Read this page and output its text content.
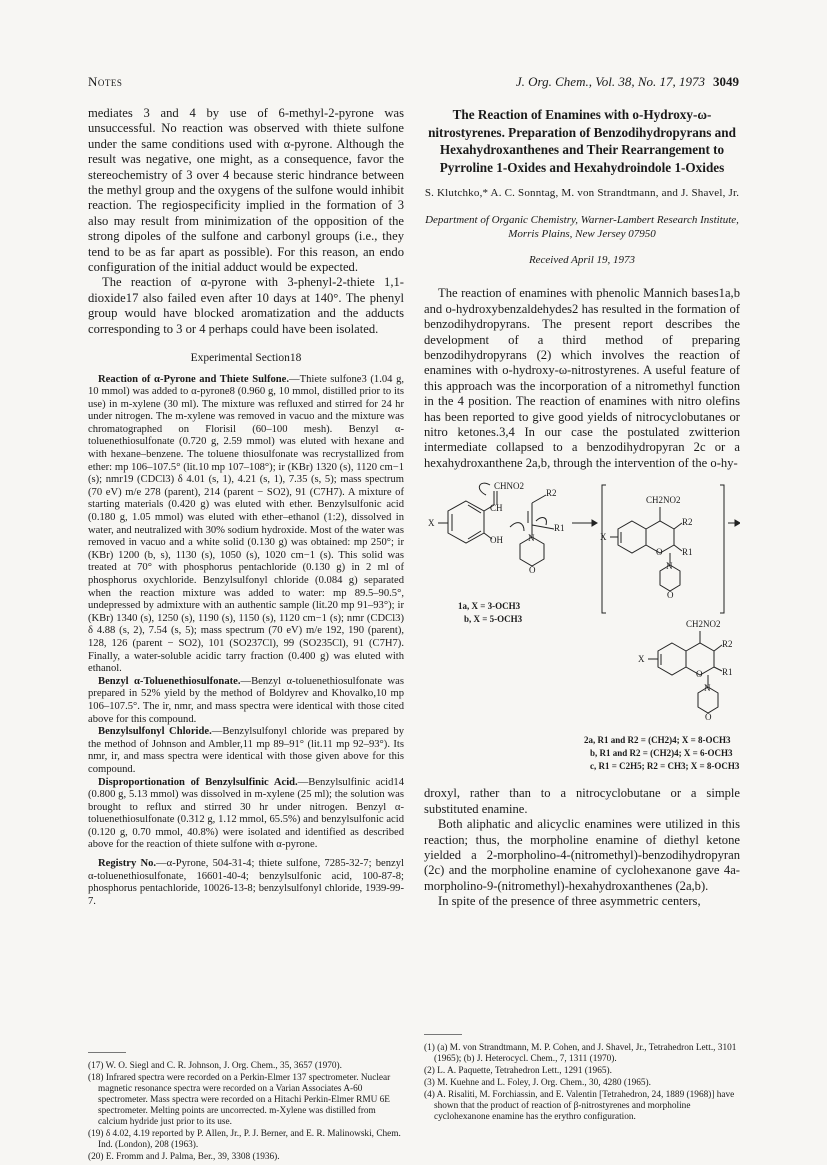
Notes	J. Org. Chem., Vol. 38, No. 17, 1973 3049

mediates 3 and 4 by use of 6-methyl-2-pyrone was unsuccessful. No reaction was observed with thiete sulfone under the same conditions used with α-pyrone. Although the result was negative, one might, as a consequence, favor the stereochemistry of 3 over 4 because steric hindrance between the methyl group and the oxygens of the sulfone would inhibit reaction. The regiospecificity implied in the formation of 3 also may result from minimization of the opposition of the strong dipoles of the sulfone and carbonyl groups (i.e., they tend to be as far apart as possible). For this reason, an endo configuration of the initial adduct would be expected.

The reaction of α-pyrone with 3-phenyl-2-thiete 1,1-dioxide17 also failed even after 10 days at 140°. The phenyl group would have blocked aromatization and the adducts corresponding to 3 or 4 perhaps could have been isolated.

Experimental Section18

Reaction of α-Pyrone and Thiete Sulfone.—Thiete sulfone3 (1.04 g, 10 mmol) was added to α-pyrone8 (0.960 g, 10 mmol, distilled prior to its use) in m-xylene (30 ml). The mixture was refluxed and stirred for 24 hr under nitrogen. The m-xylene was removed in vacuo and the mixture was chromatographed on Florisil (60–100 mesh). Benzyl α-toluenethiosulfonate (0.720 g, 2.59 mmol) was eluted with hexane and with hexane–benzene. The toluene thiosulfonate was recrystallized from ether: mp 106–107.5° (lit.10 mp 107–108°); ir (KBr) 1320 (s), 1120 cm−1 (s); nmr19 (CDCl3) δ 4.01 (s, 1), 4.21 (s, 1), 7.35 (s, 5); mass spectrum (70 eV) m/e 278 (parent), 214 (parent − SO2), 91 (C7H7). A mixture of starting materials (0.420 g) was eluted with ether. Benzylsulfonic acid (0.180 g, 1.05 mmol) was eluted with ether–ethanol (1:2), dissolved in water, and neutralized with 30% sodium hydroxide. Most of the water was removed in vacuo and a white solid (0.130 g) was obtained: mp 250°; ir (KBr) 1200 (b, s), 1130 (s), 1050 (s), 1020 cm−1 (s). This solid was treated at 70° with phosphorus pentachloride (0.130 g) in 2 ml of phosphorus oxychloride. Benzylsulfonyl chloride (0.084 g) separated when the reaction mixture was added to water: mp 89.5–90.5°, undepressed by admixture with an authentic sample (lit.20 mp 91–93°); ir (KBr) 1340 (s), 1250 (s), 1190 (s), 1150 (s), 1120 cm−1 (s); nmr (CDCl3) δ 4.88 (s, 2), 7.54 (s, 5); mass spectrum (70 eV) m/e 192, 190 (parent), 128, 126 (parent − SO2), 101 (SO237Cl), 99 (SO235Cl), 91 (C7H7). Finally, a water-soluble acidic tarry fraction (0.400 g) was eluted with ethanol.

Benzyl α-Toluenethiosulfonate.—Benzyl α-toluenethiosulfonate was prepared in 52% yield by the method of Boldyrev and Khovalko,10 mp 106–107.5°. The ir, nmr, and mass spectra were identical with those cited above for this compound.

Benzylsulfonyl Chloride.—Benzylsulfonyl chloride was prepared by the method of Johnson and Ambler,11 mp 89–91° (lit.11 mp 92–93°). Its nmr, ir, and mass spectra were identical with those given above for this compound.

Disproportionation of Benzylsulfinic Acid.—Benzylsulfinic acid14 (0.800 g, 5.13 mmol) was dissolved in m-xylene (25 ml); the solution was brought to reflux and stirred 30 hr under nitrogen. Benzyl α-toluenethiosulfonate (0.312 g, 1.12 mmol, 65.5%) and benzylsulfonic acid (0.120 g, 0.70 mmol, 40.8%) were isolated and identified as described above for the reaction of thiete sulfone with α-pyrone.

Registry No.—α-Pyrone, 504-31-4; thiete sulfone, 7285-32-7; benzyl α-toluenethiosulfonate, 16601-40-4; benzylsulfonic acid, 100-87-8; phosphorus pentachloride, 10026-13-8; benzylsulfonyl chloride, 1939-99-7.

(17) W. O. Siegl and C. R. Johnson, J. Org. Chem., 35, 3657 (1970).

(18) Infrared spectra were recorded on a Perkin-Elmer 137 spectrometer. Nuclear magnetic resonance spectra were recorded on a Varian Associates A-60 spectrometer. Mass spectra were recorded on a Hitachi Perkin-Elmer RMU 6E spectrometer. Melting points are uncorrected. m-Xylene was distilled from calcium hydride just prior to its use.

(19) δ 4.02, 4.19 reported by P. Allen, Jr., P. J. Berner, and E. R. Malinowski, Chem. Ind. (London), 208 (1963).

(20) E. Fromm and J. Palma, Ber., 39, 3308 (1936).

The Reaction of Enamines with o-Hydroxy-ω-nitrostyrenes. Preparation of Benzodihydropyrans and Hexahydroxanthenes and Their Rearrangement to Pyrroline 1-Oxides and Hexahydroindole 1-Oxides
S. Klutchko,* A. C. Sonntag, M. von Strandtmann, and J. Shavel, Jr.
Department of Organic Chemistry, Warner-Lambert Research Institute, Morris Plains, New Jersey 07950
Received April 19, 1973

The reaction of enamines with phenolic Mannich bases1a,b and o-hydroxybenzaldehydes2 has resulted in the formation of benzodihydropyrans. The present report describes the development of a third method of preparing benzodihydropyrans (2) which involves the reaction of enamines with o-hydroxy-ω-nitrostyrenes. A useful feature of this approach was the incorporation of a nitromethyl function in the 4 position. The reaction of enamines with nitro olefins has been reported to give good yields of nitrocyclobutanes or nitro ketones.3,4 In our case the postulated zwitterion intermediate collapsed to a benzodihydropyran 2c or a hexahydroxanthene 2a,b, through the intervention of the o-hy-

CHNO2
CH
X
OH
R2
R1
N
O
CH2NO2
X
R2
R1
O
N
O
1a, X = 3-OCH3
b, X = 5-OCH3	CH2NO2
X
R2
R1
O
N
O
2a, R1 and R2 = (CH2)4; X = 8-OCH3
b, R1 and R2 = (CH2)4; X = 6-OCH3
c, R1 = C2H5; R2 = CH3; X = 8-OCH3

droxyl, rather than to a nitrocyclobutane or a simple substituted enamine.

Both aliphatic and alicyclic enamines were utilized in this reaction; thus, the morpholine enamine of diethyl ketone yielded a 2-morpholino-4-(nitromethyl)-benzodihydropyran (2c) and the morpholine enamine of cyclohexanone gave 4a-morpholino-9-(nitromethyl)-hexahydroxanthenes (2a,b).

In spite of the presence of three asymmetric centers,

(1) (a) M. von Strandtmann, M. P. Cohen, and J. Shavel, Jr., Tetrahedron Lett., 3101 (1965); (b) J. Heterocycl. Chem., 7, 1311 (1970).

(2) L. A. Paquette, Tetrahedron Lett., 1291 (1965).

(3) M. Kuehne and L. Foley, J. Org. Chem., 30, 4280 (1965).

(4) A. Risaliti, M. Forchiassin, and E. Valentin [Tetrahedron, 24, 1889 (1968)] have shown that the product of reaction of β-nitrostyrenes and morpholine cyclohexanone enamine has the erythro configuration.
